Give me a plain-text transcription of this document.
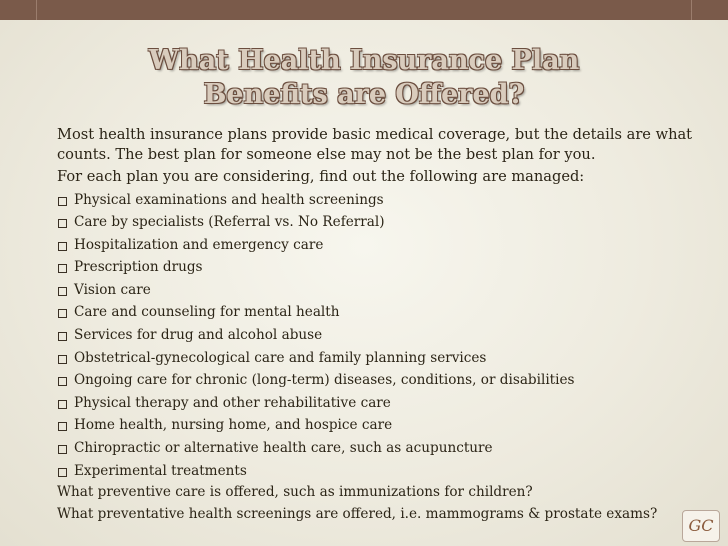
What Health Insurance Plan
Benefits are Offered?

Most health insurance plans provide basic medical coverage, but the details are what counts. The best plan for someone else may not be the best plan for you.

For each plan you are considering, find out the following are managed:

Physical examinations and health screenings
Care by specialists (Referral vs. No Referral)
Hospitalization and emergency care
Prescription drugs
Vision care
Care and counseling for mental health
Services for drug and alcohol abuse
Obstetrical-gynecological care and family planning services
Ongoing care for chronic (long-term) diseases, conditions, or disabilities
Physical therapy and other rehabilitative care
Home health, nursing home, and hospice care
Chiropractic or alternative health care, such as acupuncture
Experimental treatments

What preventive care is offered, such as immunizations for children?

What preventative health screenings are offered, i.e. mammograms & prostate exams?

GC
